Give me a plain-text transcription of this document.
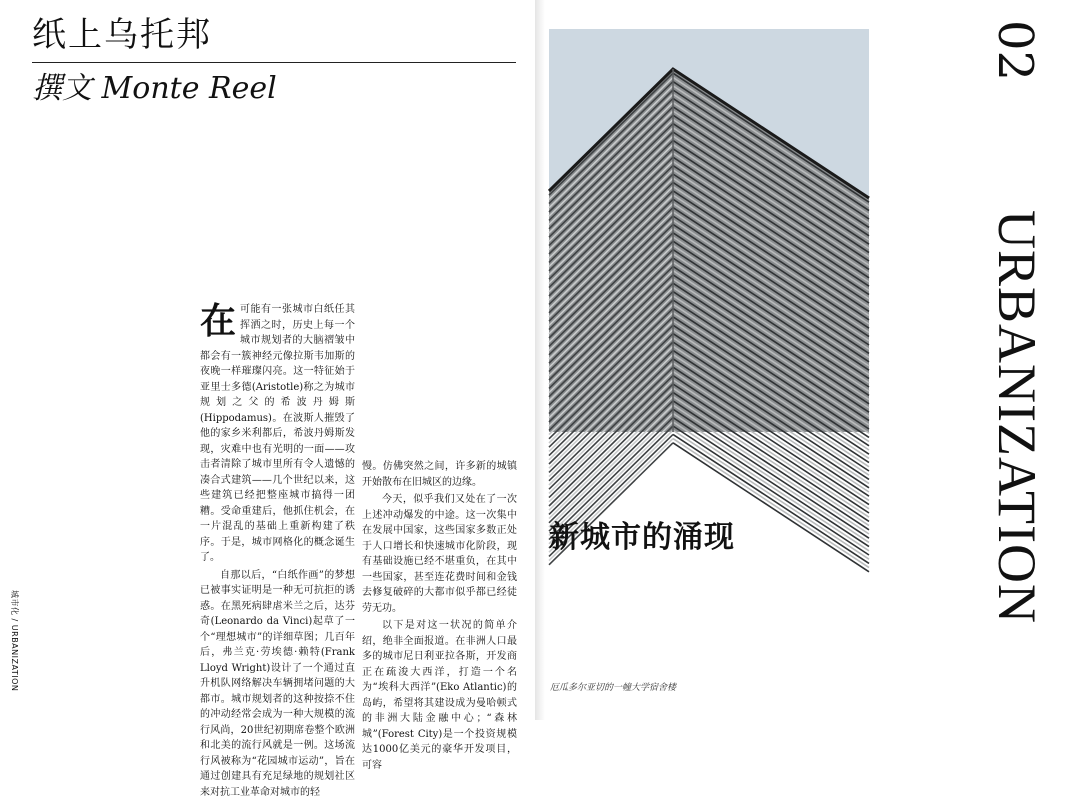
纸上乌托邦
撰文 Monte Reel

在可能有一张城市白纸任其挥洒之时，历史上每一个城市规划者的大脑褶皱中都会有一簇神经元像拉斯韦加斯的夜晚一样璀璨闪亮。这一特征始于亚里士多德(Aristotle)称之为城市规划之父的希波丹姆斯(Hippodamus)。在波斯人摧毁了他的家乡米利都后，希波丹姆斯发现，灾难中也有光明的一面——攻击者清除了城市里所有令人遗憾的凑合式建筑——几个世纪以来，这些建筑已经把整座城市搞得一团糟。受命重建后，他抓住机会，在一片混乱的基础上重新构建了秩序。于是，城市网格化的概念诞生了。

自那以后，“白纸作画”的梦想已被事实证明是一种无可抗拒的诱惑。在黑死病肆虐米兰之后，达芬奇(Leonardo da Vinci)起草了一个“理想城市”的详细草图；几百年后，弗兰克·劳埃德·赖特(Frank Lloyd Wright)设计了一个通过直升机队网络解决车辆拥堵问题的大都市。城市规划者的这种按捺不住的冲动经常会成为一种大规模的流行风尚，20世纪初期席卷整个欧洲和北美的流行风就是一例。这场流行风被称为“花园城市运动”，旨在通过创建具有充足绿地的规划社区来对抗工业革命对城市的轻

慢。仿佛突然之间，许多新的城镇开始散布在旧城区的边缘。

今天，似乎我们又处在了一次上述冲动爆发的中途。这一次集中在发展中国家，这些国家多数正处于人口增长和快速城市化阶段，现有基础设施已经不堪重负，在其中一些国家，甚至连花费时间和金钱去修复破碎的大都市似乎都已经徒劳无功。

以下是对这一状况的简单介绍，绝非全面报道。在非洲人口最多的城市尼日利亚拉各斯，开发商正在疏浚大西洋，打造一个名为“埃科大西洋”(Eko Atlantic)的岛屿，希望将其建设成为曼哈顿式的非洲大陆金融中心；“森林城”(Forest City)是一个投资规模达1000亿美元的豪华开发项目，可容

城市化 / URBANIZATION
新城市的涌现
厄瓜多尔亚切的一幢大学宿舍楼
02
URBANIZATION
